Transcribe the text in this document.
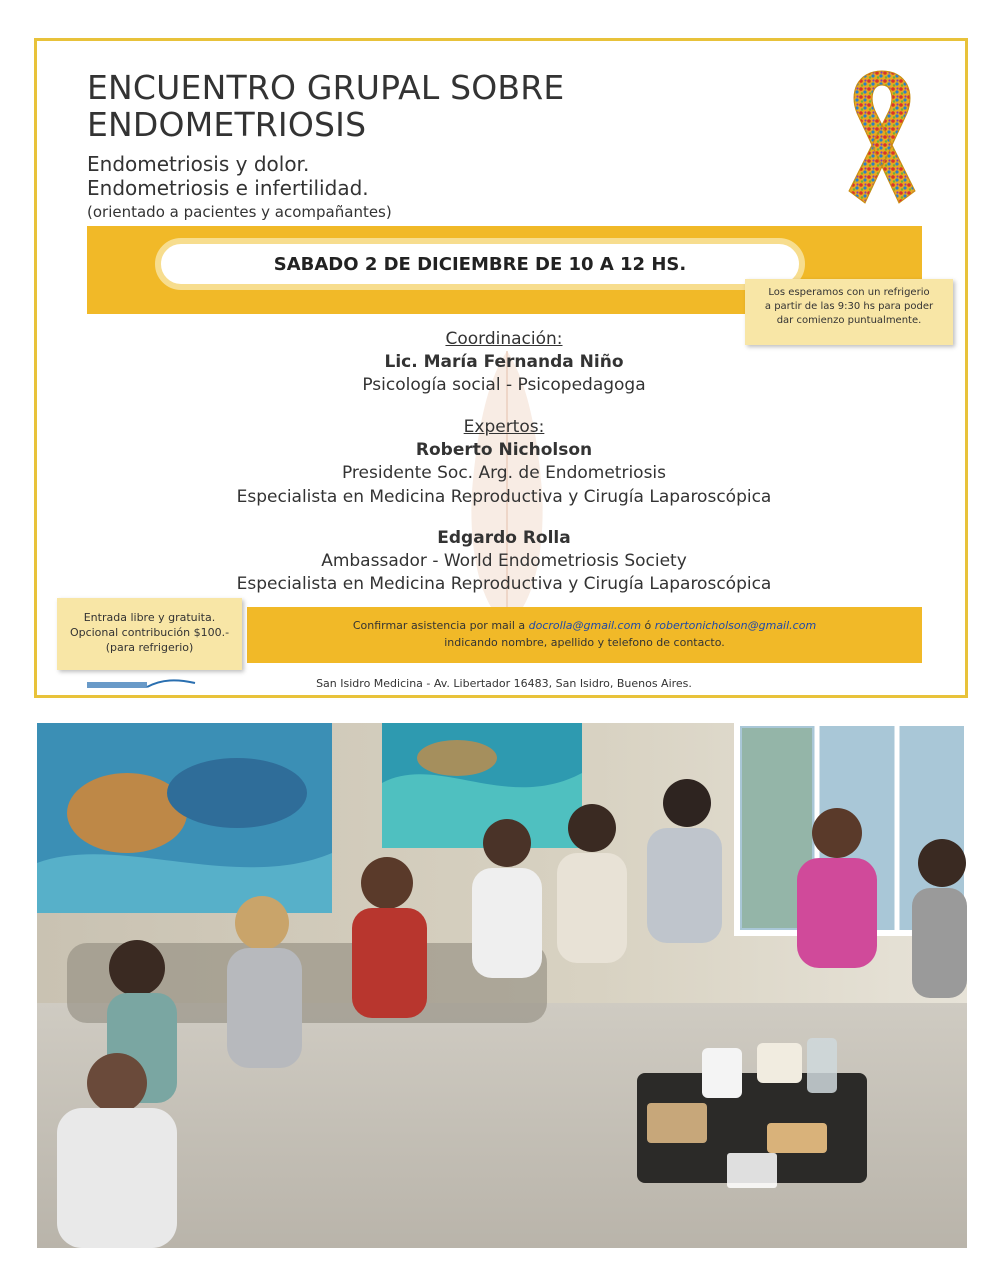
ENCUENTRO GRUPAL SOBRE
ENDOMETRIOSIS
Endometriosis y dolor.
Endometriosis e infertilidad.
(orientado a pacientes y acompañantes)
SABADO 2 DE DICIEMBRE DE 10 A 12 HS.
Los esperamos con un refrigerio
a partir de las 9:30 hs para poder
dar comienzo puntualmente.
Coordinación:
Lic. María Fernanda Niño
Psicología social - Psicopedagoga
Expertos:
Roberto Nicholson
Presidente Soc. Arg. de Endometriosis
Especialista en Medicina Reproductiva y Cirugía Laparoscópica
Edgardo Rolla
Ambassador - World Endometriosis Society
Especialista en Medicina Reproductiva y Cirugía Laparoscópica
Confirmar asistencia por mail a docrolla@gmail.com ó robertonicholson@gmail.com
indicando nombre, apellido y telefono de contacto.
Entrada libre y gratuita.
Opcional contribución $100.-
(para refrigerio)
San Isidro Medicina - Av. Libertador 16483, San Isidro, Buenos Aires.
